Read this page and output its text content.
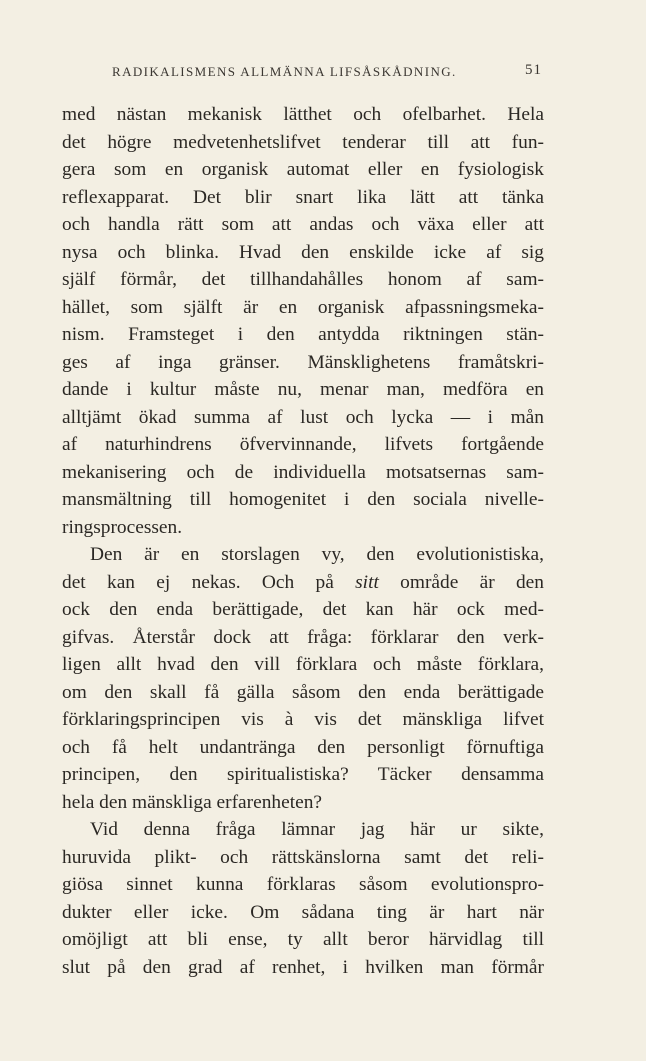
RADIKALISMENS ALLMÄNNA LIFSÅSKÅDNING.	51
med nästan mekanisk lätthet och ofelbarhet. Hela
det högre medvetenhetslifvet tenderar till att fun-
gera som en organisk automat eller en fysiologisk
reflexapparat. Det blir snart lika lätt att tänka
och handla rätt som att andas och växa eller att
nysa och blinka. Hvad den enskilde icke af sig
själf förmår, det tillhandahålles honom af sam-
hället, som själft är en organisk afpassningsmeka-
nism. Framsteget i den antydda riktningen stän-
ges af inga gränser. Mänsklighetens framåtskri-
dande i kultur måste nu, menar man, medföra en
alltjämt ökad summa af lust och lycka — i mån
af naturhindrens öfvervinnande, lifvets fortgående
mekanisering och de individuella motsatsernas sam-
mansmältning till homogenitet i den sociala nivelle-
ringsprocessen.
Den är en storslagen vy, den evolutionistiska,
det kan ej nekas. Och på sitt område är den
ock den enda berättigade, det kan här ock med-
gifvas. Återstår dock att fråga: förklarar den verk-
ligen allt hvad den vill förklara och måste förklara,
om den skall få gälla såsom den enda berättigade
förklaringsprincipen vis à vis det mänskliga lifvet
och få helt undantränga den personligt förnuftiga
principen, den spiritualistiska? Täcker densamma
hela den mänskliga erfarenheten?
Vid denna fråga lämnar jag här ur sikte,
huruvida plikt- och rättskänslorna samt det reli-
giösa sinnet kunna förklaras såsom evolutionspro-
dukter eller icke. Om sådana ting är hart när
omöjligt att bli ense, ty allt beror härvidlag till
slut på den grad af renhet, i hvilken man förmår
